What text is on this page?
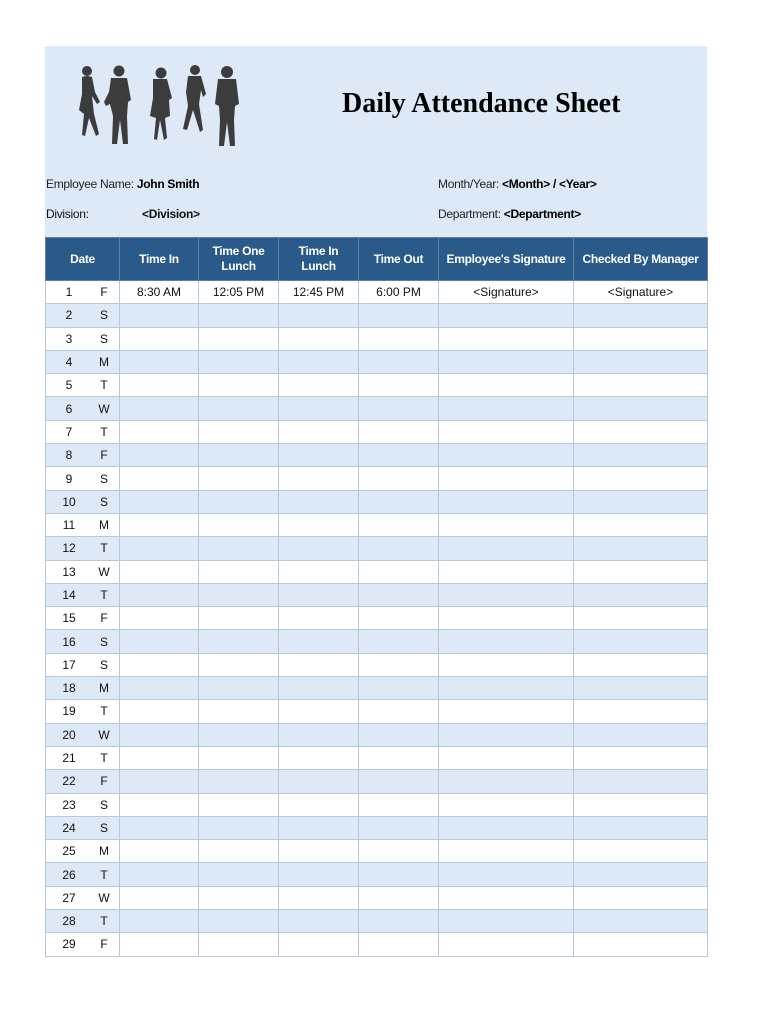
Daily Attendance Sheet
Employee Name: John Smith
Division:	<Division>
Month/Year: <Month> / <Year>
Department: <Department>
Date	Time In	Time One Lunch	Time In Lunch	Time Out	Employee's Signature	Checked By Manager

1 F	8:30 AM	12:05 PM	12:45 PM	6:00 PM	<Signature>	<Signature>

2 S						

3 S						

4 M						

5 T						

6 W						

7 T						

8 F						

9 S						

10 S						

11 M						

12 T						

13 W						

14 T						

15 F						

16 S						

17 S						

18 M						

19 T						

20 W						

21 T						

22 F						

23 S						

24 S						

25 M						

26 T						

27 W						

28 T						

29 F						
